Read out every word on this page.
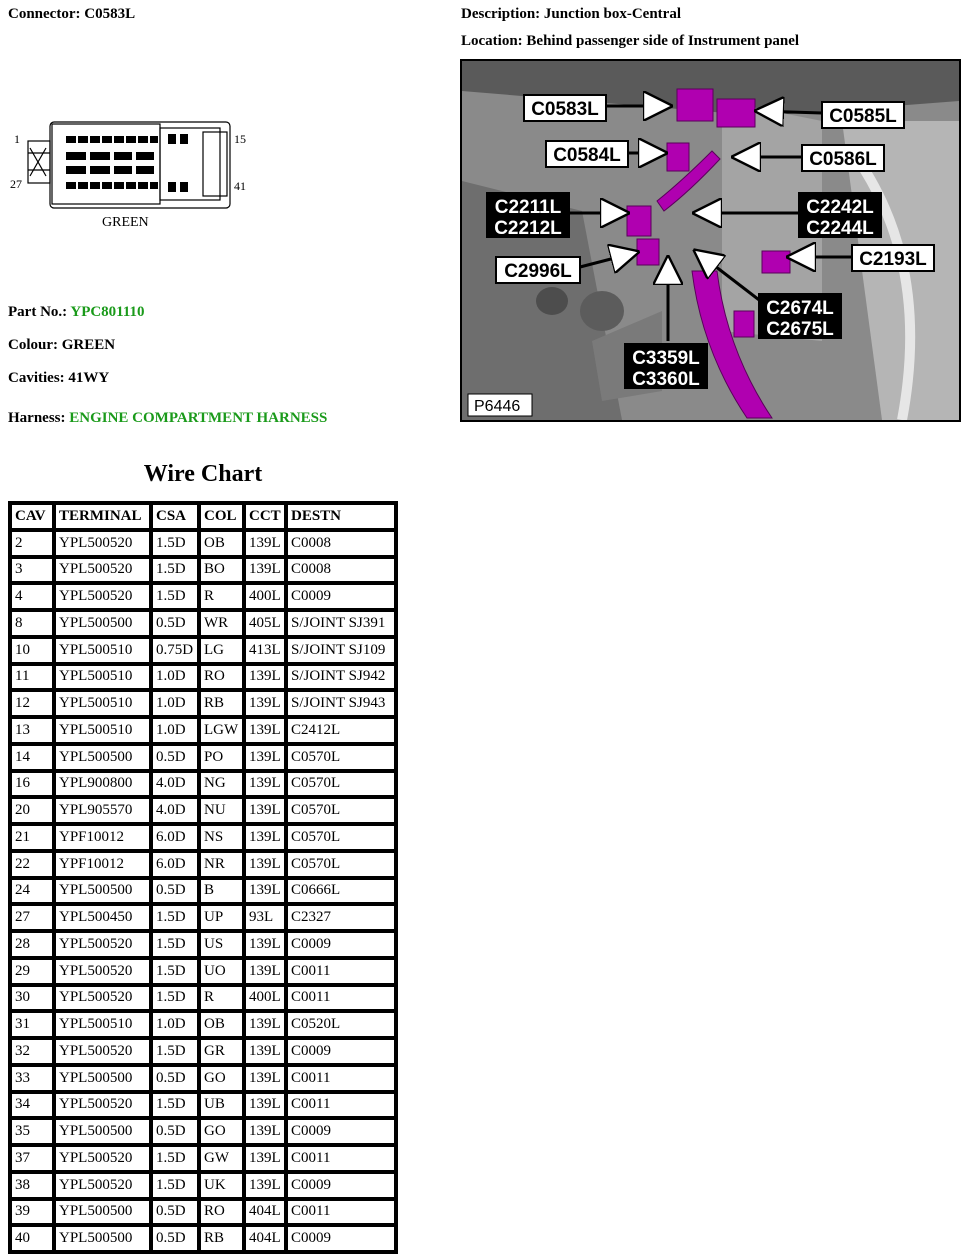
Connector: C0583L	Description: Junction box-Central
Location: Behind passenger side of Instrument panel
1
27
15
41
GREEN
Part No.: YPC801110
Colour: GREEN
Cavities: 41WY
Harness: ENGINE COMPARTMENT HARNESS
C0583L	C0585L
C0584L	C0586L
C2211L
C2212L
C2242L
C2244L
C2193L
C2996L
C2674L
C2675L
C3359L
C3360L
P6446
Wire Chart
CAV	TERMINAL	CSA	COL	CCT	DESTN
2	YPL500520	1.5D	OB	139L	C0008
3	YPL500520	1.5D	BO	139L	C0008
4	YPL500520	1.5D	R	400L	C0009
8	YPL500500	0.5D	WR	405L	S/JOINT SJ391
10	YPL500510	0.75D	LG	413L	S/JOINT SJ109
11	YPL500510	1.0D	RO	139L	S/JOINT SJ942
12	YPL500510	1.0D	RB	139L	S/JOINT SJ943
13	YPL500510	1.0D	LGW	139L	C2412L
14	YPL500500	0.5D	PO	139L	C0570L
16	YPL900800	4.0D	NG	139L	C0570L
20	YPL905570	4.0D	NU	139L	C0570L
21	YPF10012	6.0D	NS	139L	C0570L
22	YPF10012	6.0D	NR	139L	C0570L
24	YPL500500	0.5D	B	139L	C0666L
27	YPL500450	1.5D	UP	93L	C2327
28	YPL500520	1.5D	US	139L	C0009
29	YPL500520	1.5D	UO	139L	C0011
30	YPL500520	1.5D	R	400L	C0011
31	YPL500510	1.0D	OB	139L	C0520L
32	YPL500520	1.5D	GR	139L	C0009
33	YPL500500	0.5D	GO	139L	C0011
34	YPL500520	1.5D	UB	139L	C0011
35	YPL500500	0.5D	GO	139L	C0009
37	YPL500520	1.5D	GW	139L	C0011
38	YPL500520	1.5D	UK	139L	C0009
39	YPL500500	0.5D	RO	404L	C0011
40	YPL500500	0.5D	RB	404L	C0009
